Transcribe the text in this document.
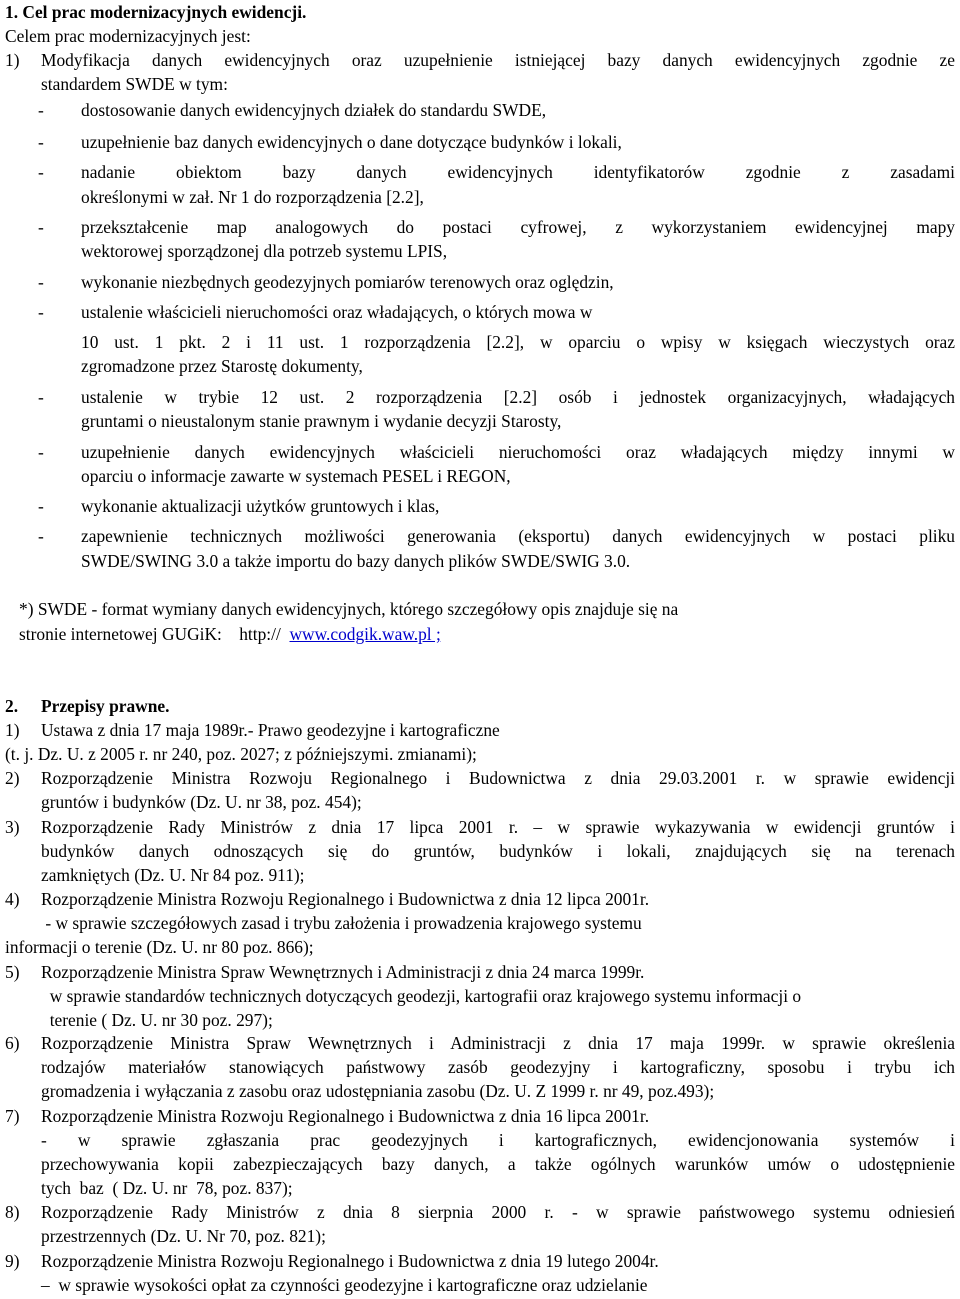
1. Cel prac modernizacyjnych ewidencji.
Celem prac modernizacyjnych jest:
1) Modyfikacja danych ewidencyjnych oraz uzupełnienie istniejącej bazy danych ewidencyjnych zgodnie ze
standardem SWDE w tym:
- dostosowanie danych ewidencyjnych działek do standardu SWDE,
- uzupełnienie baz danych ewidencyjnych o dane dotyczące budynków i lokali,
- nadanie obiektom bazy danych ewidencyjnych identyfikatorów zgodnie z zasadami
określonymi w zał. Nr 1 do rozporządzenia [2.2],
- przekształcenie map analogowych do postaci cyfrowej, z wykorzystaniem ewidencyjnej mapy
wektorowej sporządzonej dla potrzeb systemu LPIS,
- wykonanie niezbędnych geodezyjnych pomiarów terenowych oraz oględzin,
- ustalenie właścicieli nieruchomości oraz władających, o których mowa w
10 ust. 1 pkt. 2 i 11 ust. 1 rozporządzenia [2.2], w oparciu o wpisy w księgach wieczystych oraz
zgromadzone przez Starostę dokumenty,
- ustalenie w trybie 12 ust. 2 rozporządzenia [2.2] osób i jednostek organizacyjnych, władających
gruntami o nieustalonym stanie prawnym i wydanie decyzji Starosty,
- uzupełnienie danych ewidencyjnych właścicieli nieruchomości oraz władających między innymi w
oparciu o informacje zawarte w systemach PESEL i REGON,
- wykonanie aktualizacji użytków gruntowych i klas,
- zapewnienie technicznych możliwości generowania (eksportu) danych ewidencyjnych w postaci pliku
SWDE/SWING 3.0 a także importu do bazy danych plików SWDE/SWIG 3.0.
*) SWDE - format wymiany danych ewidencyjnych, którego szczegółowy opis znajduje się na
stronie internetowej GUGiK:    http://  www.codgik.waw.pl ;
2. Przepisy prawne.
1) Ustawa z dnia 17 maja 1989r.- Prawo geodezyjne i kartograficzne
(t. j. Dz. U. z 2005 r. nr 240, poz. 2027; z późniejszymi. zmianami);
2) Rozporządzenie Ministra Rozwoju Regionalnego i Budownictwa z dnia 29.03.2001 r. w sprawie ewidencji
gruntów i budynków (Dz. U. nr 38, poz. 454);
3) Rozporządzenie Rady Ministrów z dnia 17 lipca 2001 r. – w sprawie wykazywania w ewidencji gruntów i
budynków danych odnoszących się do gruntów, budynków i lokali, znajdujących się na terenach
zamkniętych (Dz. U. Nr 84 poz. 911);
4) Rozporządzenie Ministra Rozwoju Regionalnego i Budownictwa z dnia 12 lipca 2001r.
- w sprawie szczegółowych zasad i trybu założenia i prowadzenia krajowego systemu
informacji o terenie (Dz. U. nr 80 poz. 866);
5) Rozporządzenie Ministra Spraw Wewnętrznych i Administracji z dnia 24 marca 1999r.
w sprawie standardów technicznych dotyczących geodezji, kartografii oraz krajowego systemu informacji o
terenie ( Dz. U. nr 30 poz. 297);
6) Rozporządzenie Ministra Spraw Wewnętrznych i Administracji z dnia 17 maja 1999r. w sprawie określenia
rodzajów materiałów stanowiących państwowy zasób geodezyjny i kartograficzny, sposobu i trybu ich
gromadzenia i wyłączania z zasobu oraz udostępniania zasobu (Dz. U. Z 1999 r. nr 49, poz.493);
7) Rozporządzenie Ministra Rozwoju Regionalnego i Budownictwa z dnia 16 lipca 2001r.
- w sprawie zgłaszania prac geodezyjnych i kartograficznych, ewidencjonowania systemów i
przechowywania kopii zabezpieczających bazy danych, a także ogólnych warunków umów o udostępnienie
tych  baz  ( Dz. U. nr  78, poz. 837);
8) Rozporządzenie Rady Ministrów z dnia 8 sierpnia 2000 r. - w sprawie państwowego systemu odniesień
przestrzennych (Dz. U. Nr 70, poz. 821);
9) Rozporządzenie Ministra Rozwoju Regionalnego i Budownictwa z dnia 19 lutego 2004r.
–  w sprawie wysokości opłat za czynności geodezyjne i kartograficzne oraz udzielanie
